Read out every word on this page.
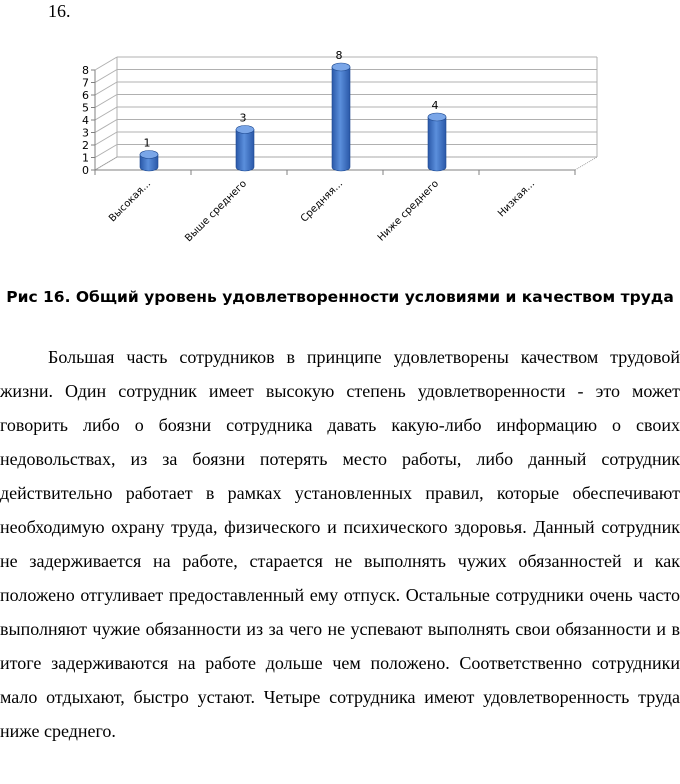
16.
0
1
2
3
4
5
6
7
8
1
3
8
4
Высокая...	Выше среднего	Средняя...	Ниже среднего	Низкая...
Рис 16. Общий уровень удовлетворенности условиями и качеством труда

Большая часть сотрудников в принципе удовлетворены качеством трудовой жизни. Один сотрудник имеет высокую степень удовлетворенности - это может говорить либо о боязни сотрудника давать какую-либо информацию о своих недовольствах, из за боязни потерять место работы, либо данный сотрудник действительно работает в рамках установленных правил, которые обеспечивают необходимую охрану труда, физического и психического здоровья. Данный сотрудник не задерживается на работе, старается не выполнять чужих обязанностей и как положено отгуливает предоставленный ему отпуск. Остальные сотрудники очень часто выполняют чужие обязанности из за чего не успевают выполнять свои обязанности и в итоге задерживаются на работе дольше чем положено. Соответственно сотрудники мало отдыхают, быстро устают. Четыре сотрудника имеют удовлетворенность труда ниже среднего.
